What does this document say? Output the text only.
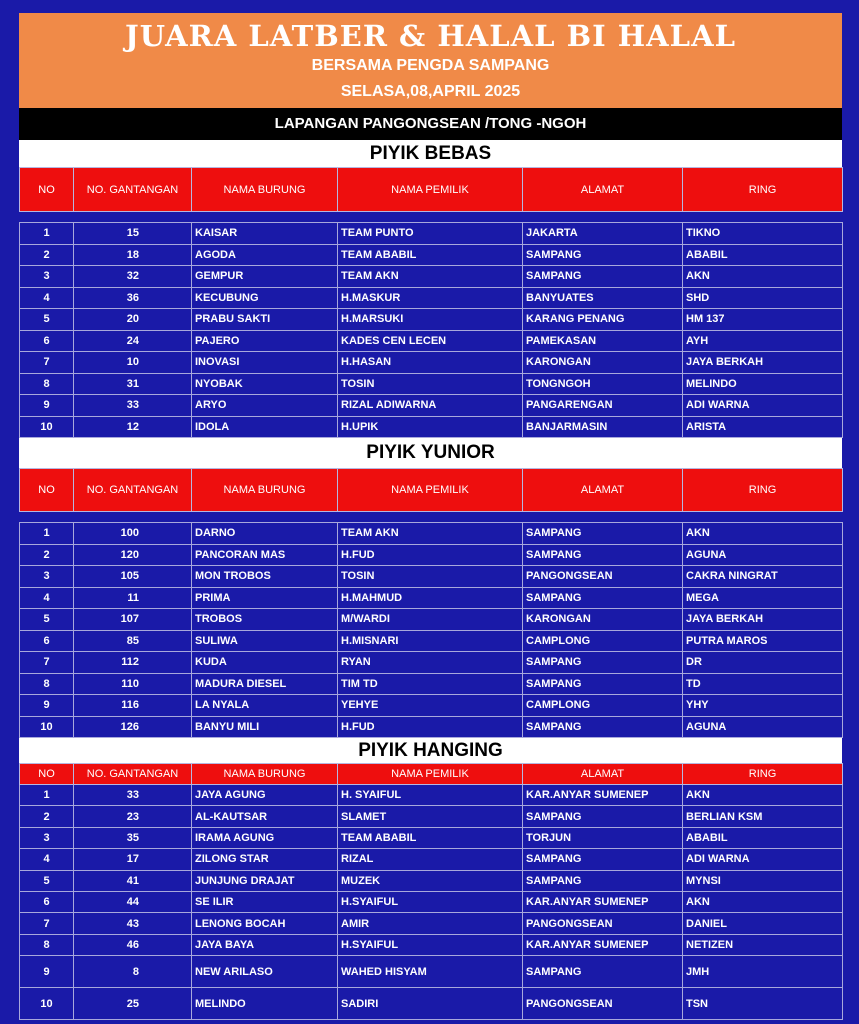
JUARA LATBER & HALAL BI HALAL
BERSAMA PENGDA SAMPANG
SELASA,08,APRIL 2025
LAPANGAN PANGONGSEAN /TONG -NGOH
PIYIK BEBAS
NO	NO. GANTANGAN	NAMA BURUNG	NAMA PEMILIK	ALAMAT	RING

1	15	KAISAR	TEAM PUNTO	JAKARTA	TIKNO
2	18	AGODA	TEAM ABABIL	SAMPANG	ABABIL
3	32	GEMPUR	TEAM AKN	SAMPANG	AKN
4	36	KECUBUNG	H.MASKUR	BANYUATES	SHD
5	20	PRABU SAKTI	H.MARSUKI	KARANG PENANG	HM 137
6	24	PAJERO	KADES CEN LECEN	PAMEKASAN	AYH
7	10	INOVASI	H.HASAN	KARONGAN	JAYA BERKAH
8	31	NYOBAK	TOSIN	TONGNGOH	MELINDO
9	33	ARYO	RIZAL ADIWARNA	PANGARENGAN	ADI WARNA
10	12	IDOLA	H.UPIK	BANJARMASIN	ARISTA
PIYIK YUNIOR
NO	NO. GANTANGAN	NAMA BURUNG	NAMA PEMILIK	ALAMAT	RING

1	100	DARNO	TEAM AKN	SAMPANG	AKN
2	120	PANCORAN MAS	H.FUD	SAMPANG	AGUNA
3	105	MON TROBOS	TOSIN	PANGONGSEAN	CAKRA NINGRAT
4	11	PRIMA	H.MAHMUD	SAMPANG	MEGA
5	107	TROBOS	M/WARDI	KARONGAN	JAYA BERKAH
6	85	SULIWA	H.MISNARI	CAMPLONG	PUTRA MAROS
7	112	KUDA	RYAN	SAMPANG	DR
8	110	MADURA DIESEL	TIM TD	SAMPANG	TD
9	116	LA NYALA	YEHYE	CAMPLONG	YHY
10	126	BANYU MILI	H.FUD	SAMPANG	AGUNA
PIYIK HANGING
NO	NO. GANTANGAN	NAMA BURUNG	NAMA PEMILIK	ALAMAT	RING
1	33	JAYA AGUNG	H. SYAIFUL	KAR.ANYAR SUMENEP	AKN
2	23	AL-KAUTSAR	SLAMET	SAMPANG	BERLIAN KSM
3	35	IRAMA AGUNG	TEAM ABABIL	TORJUN	ABABIL
4	17	ZILONG STAR	RIZAL	SAMPANG	ADI WARNA
5	41	JUNJUNG DRAJAT	MUZEK	SAMPANG	MYNSI
6	44	SE ILIR	H.SYAIFUL	KAR.ANYAR SUMENEP	AKN
7	43	LENONG BOCAH	AMIR	PANGONGSEAN	DANIEL
8	46	JAYA BAYA	H.SYAIFUL	KAR.ANYAR SUMENEP	NETIZEN
9	8	NEW ARILASO	WAHED HISYAM	SAMPANG	JMH
10	25	MELINDO	SADIRI	PANGONGSEAN	TSN
